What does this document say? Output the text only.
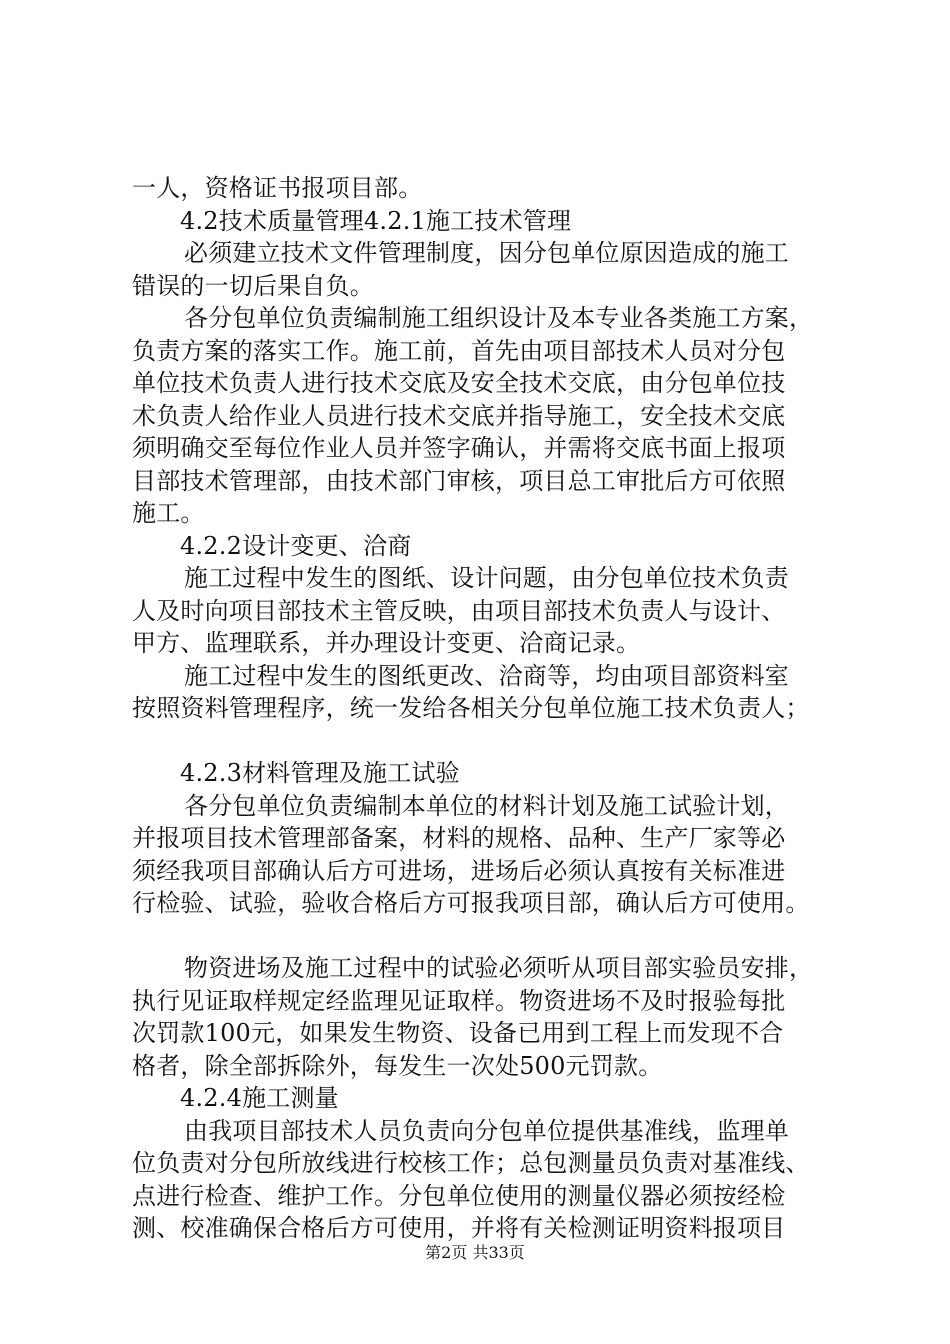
一人，资格证书报项目部。
4.2技术质量管理4.2.1施工技术管理
必须建立技术文件管理制度，因分包单位原因造成的施工
错误的一切后果自负。
各分包单位负责编制施工组织设计及本专业各类施工方案，
负责方案的落实工作。施工前，首先由项目部技术人员对分包
单位技术负责人进行技术交底及安全技术交底，由分包单位技
术负责人给作业人员进行技术交底并指导施工，安全技术交底
须明确交至每位作业人员并签字确认，并需将交底书面上报项
目部技术管理部，由技术部门审核，项目总工审批后方可依照
施工。
4.2.2设计变更、洽商
施工过程中发生的图纸、设计问题，由分包单位技术负责
人及时向项目部技术主管反映，由项目部技术负责人与设计、
甲方、监理联系，并办理设计变更、洽商记录。
施工过程中发生的图纸更改、洽商等，均由项目部资料室
按照资料管理程序，统一发给各相关分包单位施工技术负责人；
4.2.3材料管理及施工试验
各分包单位负责编制本单位的材料计划及施工试验计划，
并报项目技术管理部备案，材料的规格、品种、生产厂家等必
须经我项目部确认后方可进场，进场后必须认真按有关标准进
行检验、试验，验收合格后方可报我项目部，确认后方可使用。
物资进场及施工过程中的试验必须听从项目部实验员安排，
执行见证取样规定经监理见证取样。物资进场不及时报验每批
次罚款100元，如果发生物资、设备已用到工程上而发现不合
格者，除全部拆除外，每发生一次处500元罚款。
4.2.4施工测量
由我项目部技术人员负责向分包单位提供基准线，监理单
位负责对分包所放线进行校核工作；总包测量员负责对基准线、
点进行检查、维护工作。分包单位使用的测量仪器必须按经检
测、校准确保合格后方可使用，并将有关检测证明资料报项目
第2页 共33页
